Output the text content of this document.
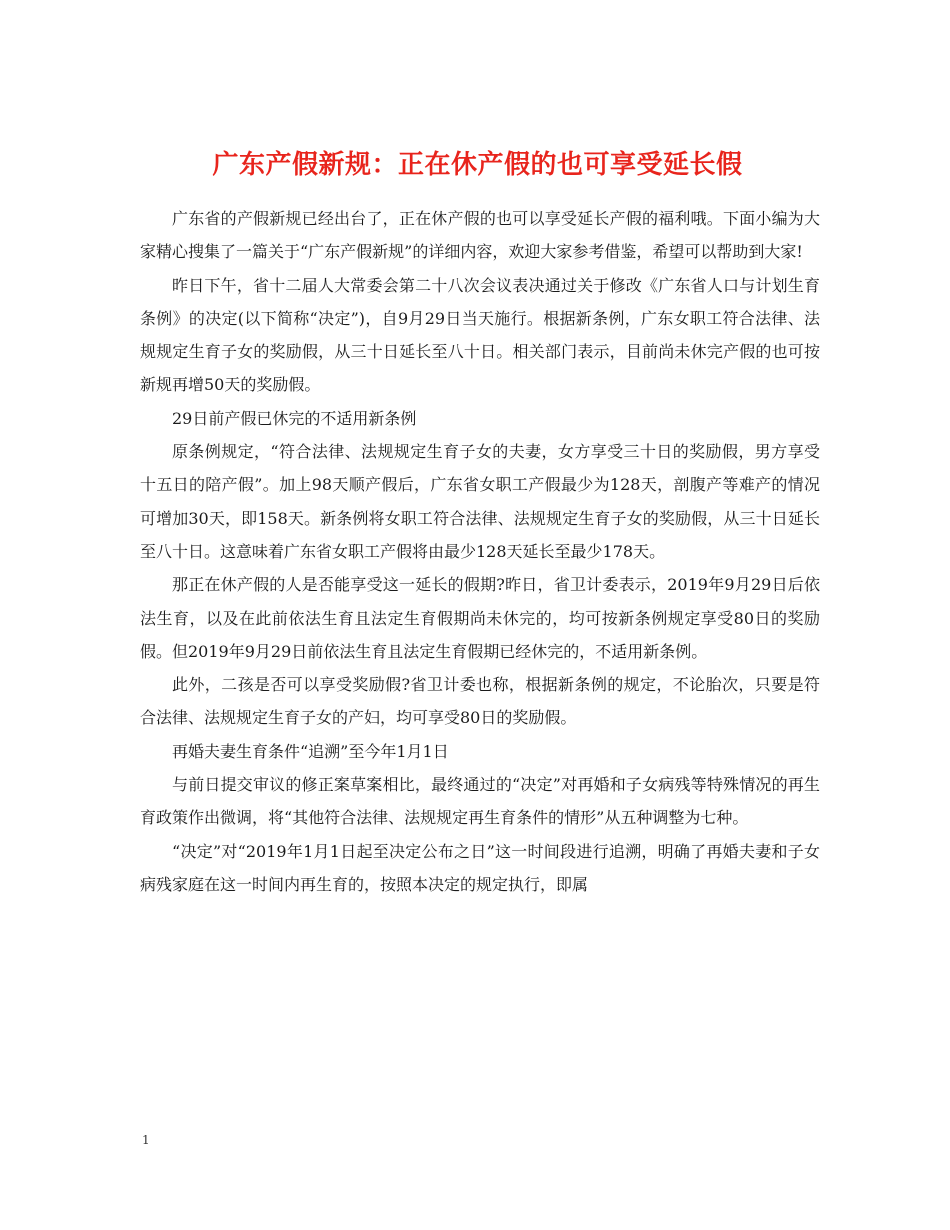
广东产假新规：正在休产假的也可享受延长假

广东省的产假新规已经出台了，正在休产假的也可以享受延长产假的福利哦。下面小编为大家精心搜集了一篇关于“广东产假新规”的详细内容，欢迎大家参考借鉴，希望可以帮助到大家!

昨日下午，省十二届人大常委会第二十八次会议表决通过关于修改《广东省人口与计划生育条例》的决定(以下简称“决定”)，自9月29日当天施行。根据新条例，广东女职工符合法律、法规规定生育子女的奖励假，从三十日延长至八十日。相关部门表示，目前尚未休完产假的也可按新规再增50天的奖励假。

29日前产假已休完的不适用新条例

原条例规定，“符合法律、法规规定生育子女的夫妻，女方享受三十日的奖励假，男方享受十五日的陪产假”。加上98天顺产假后，广东省女职工产假最少为128天，剖腹产等难产的情况可增加30天，即158天。新条例将女职工符合法律、法规规定生育子女的奖励假，从三十日延长至八十日。这意味着广东省女职工产假将由最少128天延长至最少178天。

那正在休产假的人是否能享受这一延长的假期?昨日，省卫计委表示，2019年9月29日后依法生育，以及在此前依法生育且法定生育假期尚未休完的，均可按新条例规定享受80日的奖励假。但2019年9月29日前依法生育且法定生育假期已经休完的，不适用新条例。

此外，二孩是否可以享受奖励假?省卫计委也称，根据新条例的规定，不论胎次，只要是符合法律、法规规定生育子女的产妇，均可享受80日的奖励假。

再婚夫妻生育条件“追溯”至今年1月1日

与前日提交审议的修正案草案相比，最终通过的“决定”对再婚和子女病残等特殊情况的再生育政策作出微调，将“其他符合法律、法规规定再生育条件的情形”从五种调整为七种。

“决定”对“2019年1月1日起至决定公布之日”这一时间段进行追溯，明确了再婚夫妻和子女病残家庭在这一时间内再生育的，按照本决定的规定执行，即属

1
